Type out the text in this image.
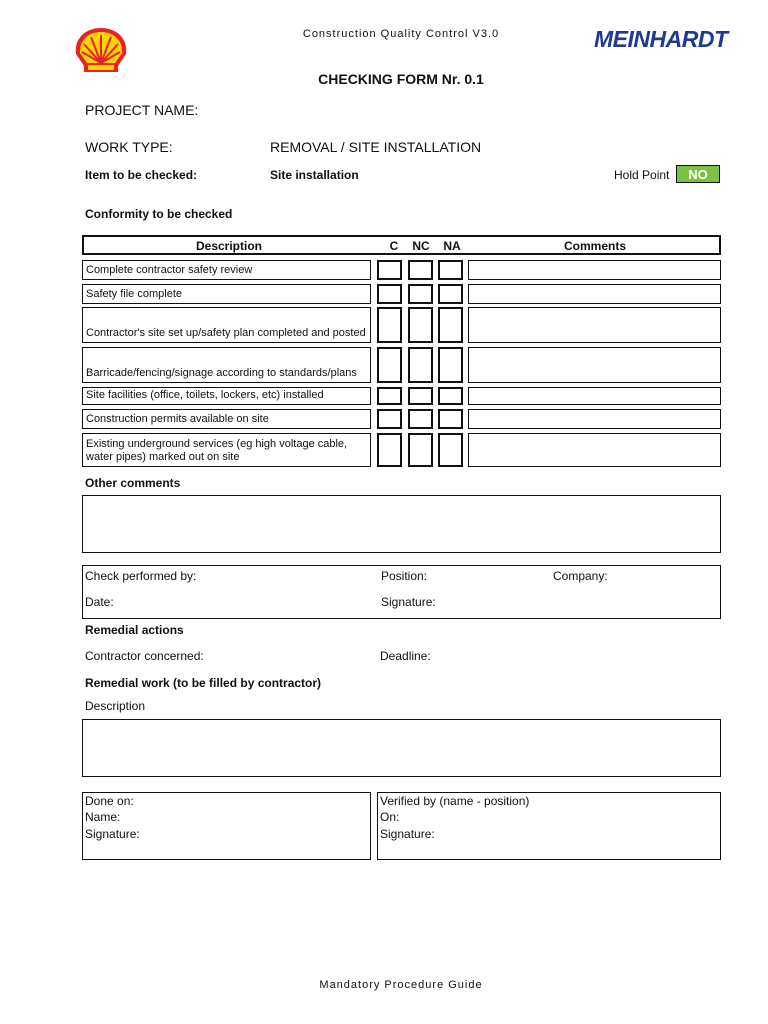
Construction Quality Control V3.0	MEINHARDT
CHECKING FORM Nr. 0.1
PROJECT NAME:
WORK TYPE:	REMOVAL / SITE INSTALLATION
Item to be checked:	Site installation	Hold Point	NO
Conformity to be checked
Description	C	NC NA	Comments
Complete contractor safety review
Safety file complete
Contractor's site set up/safety plan completed and posted
Barricade/fencing/signage according to standards/plans
Site facilities (office, toilets, lockers, etc) installed
Construction permits available on site
Existing underground services (eg high voltage cable, water pipes) marked out on site
Other comments
Check performed by:	Position:	Company:
Date:	Signature:
Remedial actions
Contractor concerned:	Deadline:
Remedial work (to be filled by contractor)
Description
Done on:
Name:
Signature:
Verified by (name - position)
On:
Signature:
Mandatory Procedure Guide
